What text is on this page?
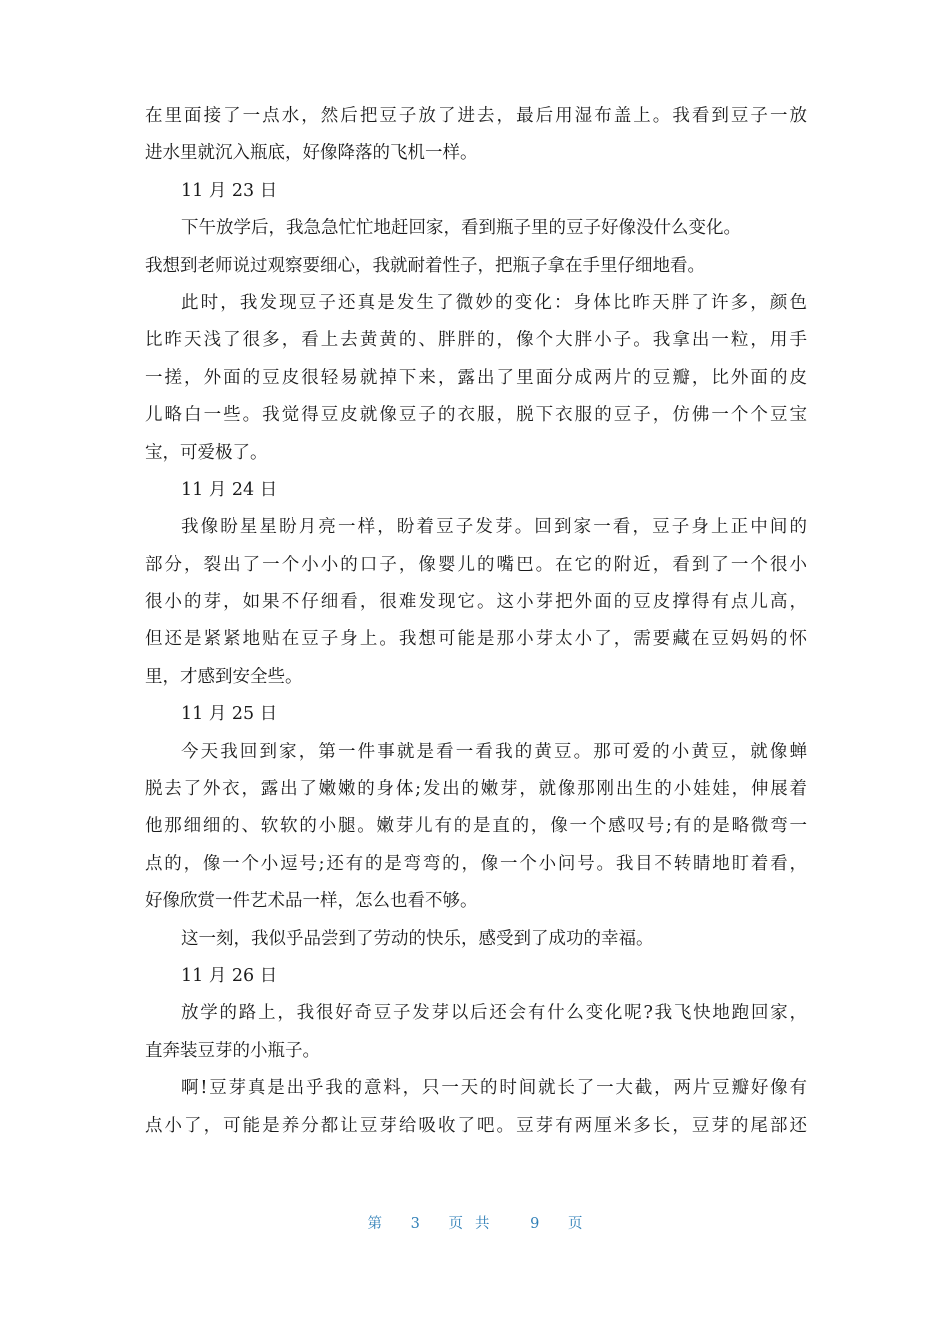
在里面接了一点水，然后把豆子放了进去，最后用湿布盖上。我看到豆子一放
进水里就沉入瓶底，好像降落的飞机一样。
11 月 23 日
下午放学后，我急急忙忙地赶回家，看到瓶子里的豆子好像没什么变化。
我想到老师说过观察要细心，我就耐着性子，把瓶子拿在手里仔细地看。
此时，我发现豆子还真是发生了微妙的变化：身体比昨天胖了许多，颜色
比昨天浅了很多，看上去黄黄的、胖胖的，像个大胖小子。我拿出一粒，用手
一搓，外面的豆皮很轻易就掉下来，露出了里面分成两片的豆瓣，比外面的皮
儿略白一些。我觉得豆皮就像豆子的衣服，脱下衣服的豆子，仿佛一个个豆宝
宝，可爱极了。
11 月 24 日
我像盼星星盼月亮一样，盼着豆子发芽。回到家一看，豆子身上正中间的
部分，裂出了一个小小的口子，像婴儿的嘴巴。在它的附近，看到了一个很小
很小的芽，如果不仔细看，很难发现它。这小芽把外面的豆皮撑得有点儿高，
但还是紧紧地贴在豆子身上。我想可能是那小芽太小了，需要藏在豆妈妈的怀
里，才感到安全些。
11 月 25 日
今天我回到家，第一件事就是看一看我的黄豆。那可爱的小黄豆，就像蝉
脱去了外衣，露出了嫩嫩的身体;发出的嫩芽，就像那刚出生的小娃娃，伸展着
他那细细的、软软的小腿。嫩芽儿有的是直的，像一个感叹号;有的是略微弯一
点的，像一个小逗号;还有的是弯弯的，像一个小问号。我目不转睛地盯着看，
好像欣赏一件艺术品一样，怎么也看不够。
这一刻，我似乎品尝到了劳动的快乐，感受到了成功的幸福。
11 月 26 日
放学的路上，我很好奇豆子发芽以后还会有什么变化呢?我飞快地跑回家，
直奔装豆芽的小瓶子。
啊!豆芽真是出乎我的意料，只一天的时间就长了一大截，两片豆瓣好像有
点小了，可能是养分都让豆芽给吸收了吧。豆芽有两厘米多长，豆芽的尾部还
第 3 页共 9 页
